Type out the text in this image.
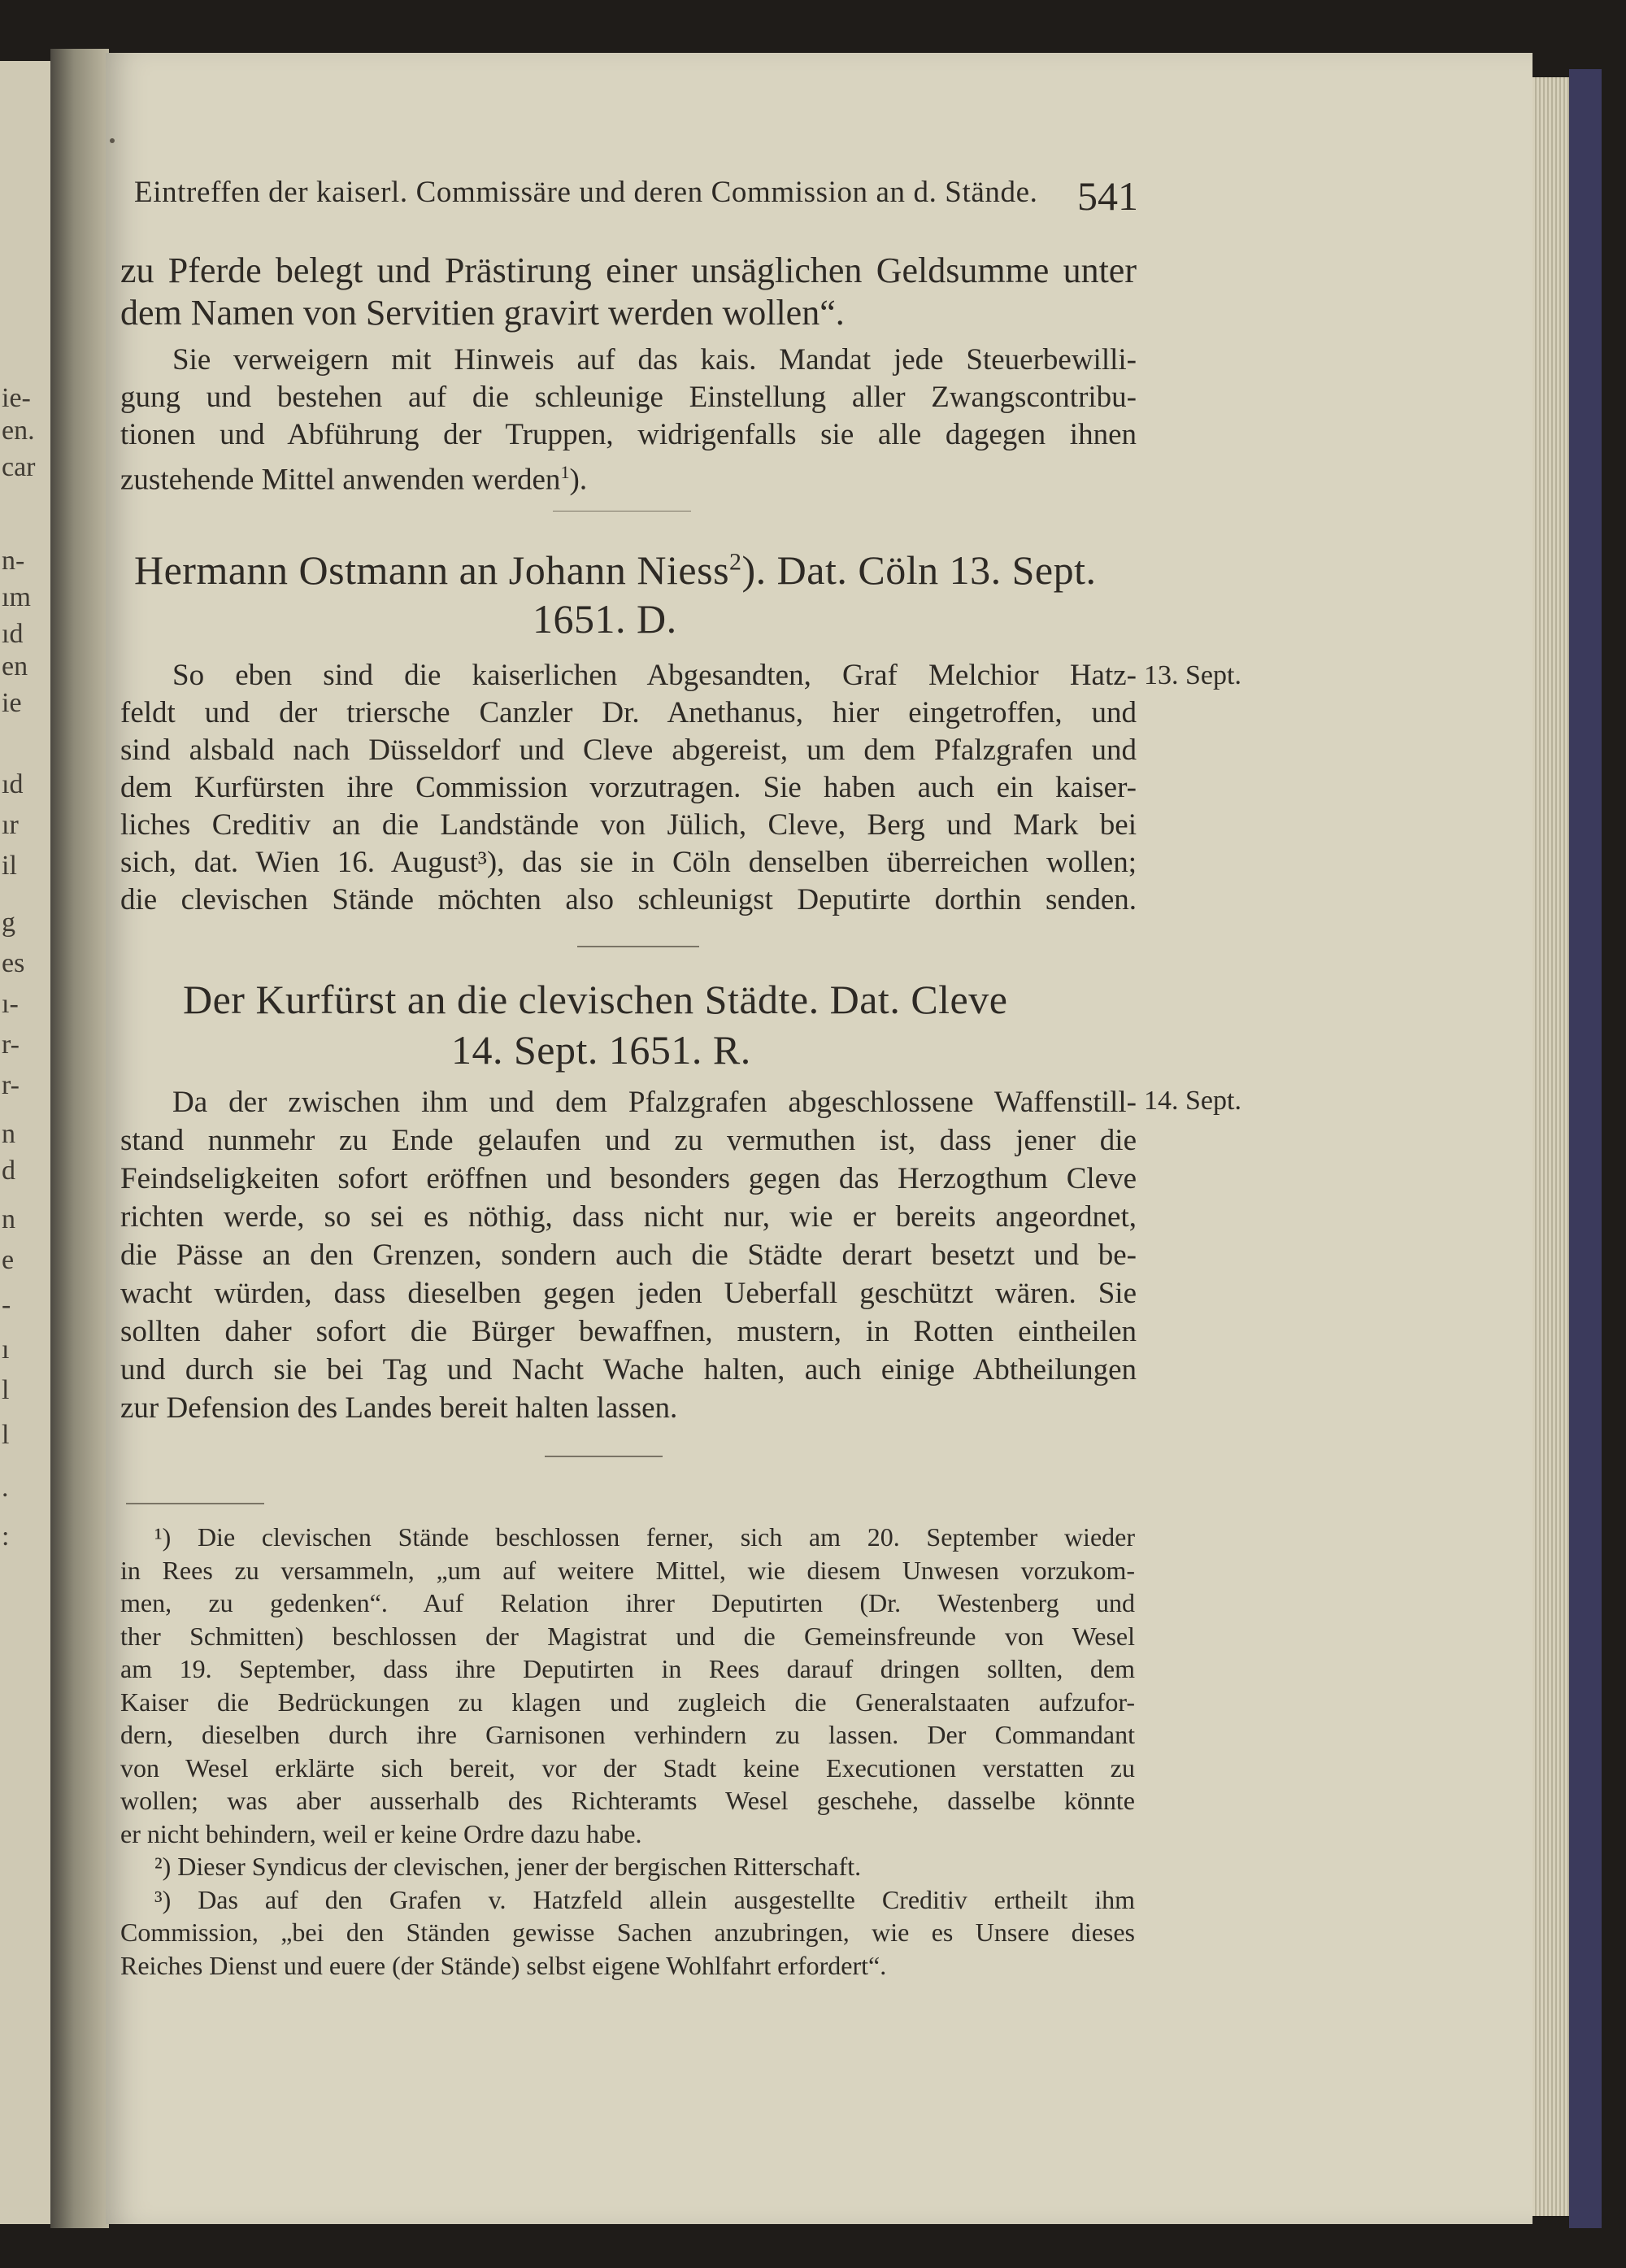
ie-
en.
car
n-
ım
ıd
en
ie
ıd
ır
il
g
es
ı-
r-
r-
n
d
n
e
-
ı
l
l
.
:
Eintreffen der kaiserl. Commissäre und deren Commission an d. Stände. 541
zu Pferde belegt und Prästirung einer unsäglichen Geldsumme unter
dem Namen von Servitien gravirt werden wollen“.
Sie verweigern mit Hinweis auf das kais. Mandat jede Steuerbewilli-
gung und bestehen auf die schleunige Einstellung aller Zwangscontribu-
tionen und Abführung der Truppen, widrigenfalls sie alle dagegen ihnen
zustehende Mittel anwenden werden$^1$).
Hermann Ostmann an Johann Niess$^2$). Dat. Cöln 13. Sept.
1651. D.
13. Sept.
So eben sind die kaiserlichen Abgesandten, Graf Melchior Hatz-
feldt und der triersche Canzler Dr. Anethanus, hier eingetroffen, und
sind alsbald nach Düsseldorf und Cleve abgereist, um dem Pfalzgrafen und
dem Kurfürsten ihre Commission vorzutragen. Sie haben auch ein kaiser-
liches Creditiv an die Landstände von Jülich, Cleve, Berg und Mark bei
sich, dat. Wien 16. August³), das sie in Cöln denselben überreichen wollen;
die clevischen Stände möchten also schleunigst Deputirte dorthin senden.
Der Kurfürst an die clevischen Städte. Dat. Cleve
14. Sept. 1651. R.
14. Sept.
Da der zwischen ihm und dem Pfalzgrafen abgeschlossene Waffenstill-
stand nunmehr zu Ende gelaufen und zu vermuthen ist, dass jener die
Feindseligkeiten sofort eröffnen und besonders gegen das Herzogthum Cleve
richten werde, so sei es nöthig, dass nicht nur, wie er bereits angeordnet,
die Pässe an den Grenzen, sondern auch die Städte derart besetzt und be-
wacht würden, dass dieselben gegen jeden Ueberfall geschützt wären. Sie
sollten daher sofort die Bürger bewaffnen, mustern, in Rotten eintheilen
und durch sie bei Tag und Nacht Wache halten, auch einige Abtheilungen
zur Defension des Landes bereit halten lassen.
¹) Die clevischen Stände beschlossen ferner, sich am 20. September wieder
in Rees zu versammeln, „um auf weitere Mittel, wie diesem Unwesen vorzukom-
men, zu gedenken“. Auf Relation ihrer Deputirten (Dr. Westenberg und
ther Schmitten) beschlossen der Magistrat und die Gemeinsfreunde von Wesel
am 19. September, dass ihre Deputirten in Rees darauf dringen sollten, dem
Kaiser die Bedrückungen zu klagen und zugleich die Generalstaaten aufzufor-
dern, dieselben durch ihre Garnisonen verhindern zu lassen. Der Commandant
von Wesel erklärte sich bereit, vor der Stadt keine Executionen verstatten zu
wollen; was aber ausserhalb des Richteramts Wesel geschehe, dasselbe könnte
er nicht behindern, weil er keine Ordre dazu habe.
²) Dieser Syndicus der clevischen, jener der bergischen Ritterschaft.
³) Das auf den Grafen v. Hatzfeld allein ausgestellte Creditiv ertheilt ihm
Commission, „bei den Ständen gewisse Sachen anzubringen, wie es Unsere dieses
Reiches Dienst und euere (der Stände) selbst eigene Wohlfahrt erfordert“.
